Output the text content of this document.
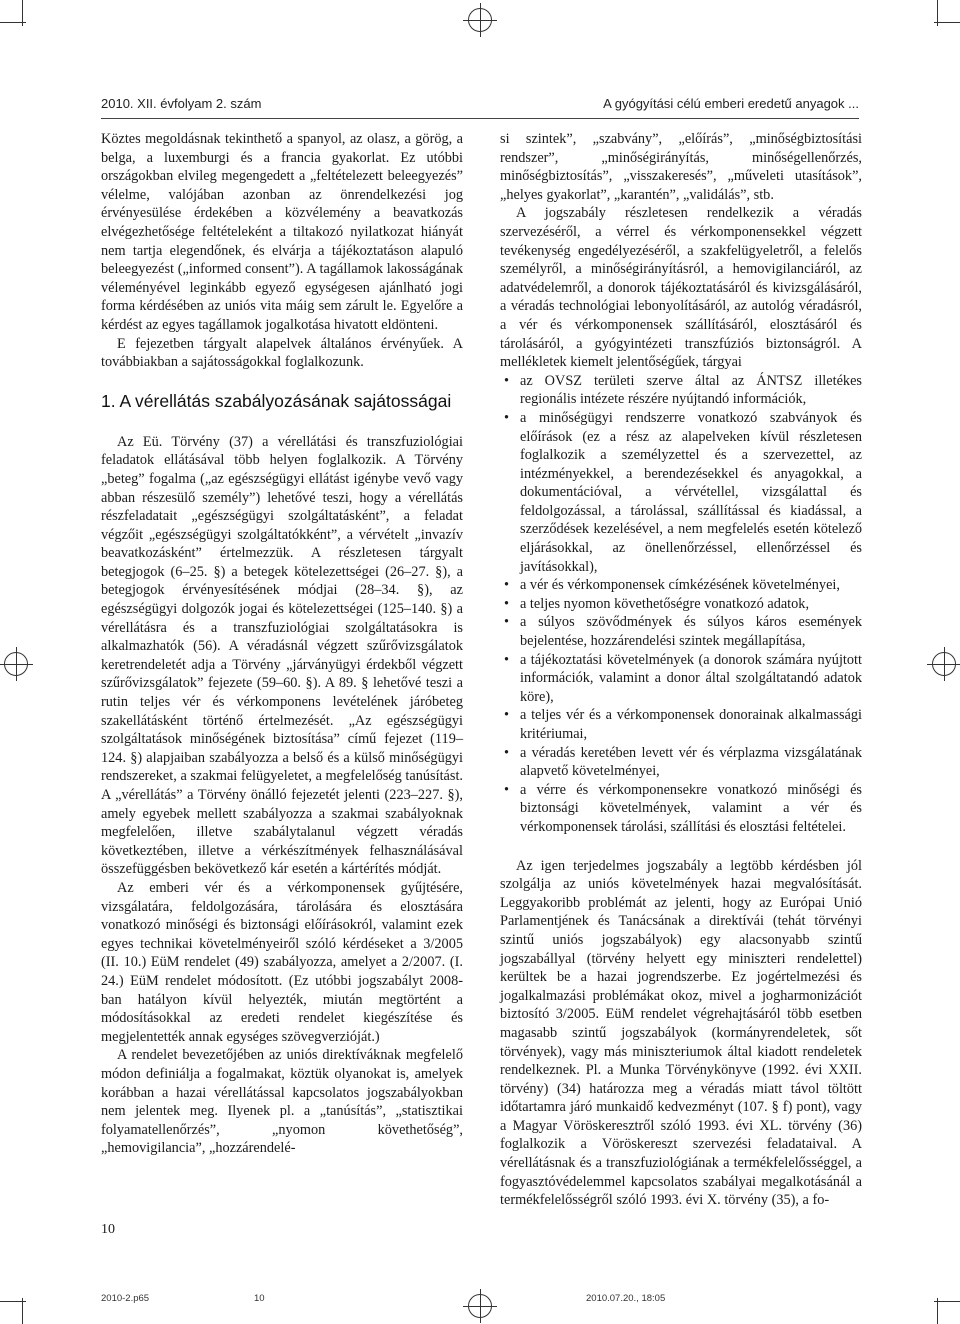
2010. XII. évfolyam 2. szám	A gyógyítási célú emberi eredetű anyagok ...

Köztes megoldásnak tekinthető a spanyol, az olasz, a görög, a belga, a luxemburgi és a francia gyakorlat. Ez utóbbi országokban elvileg megengedett a „feltételezett beleegyezés” vélelme, valójában azonban az önrendelkezési jog érvényesülése érdekében a közvélemény a beavatkozás elvégezhetősége feltételeként a tiltakozó nyilatkozat hiányát nem tartja elegendőnek, és elvárja a tájékoztatáson alapuló beleegyezést („informed consent”). A tagállamok lakosságának véleményével leginkább egyező egységesen ajánlható jogi forma kérdésében az uniós vita máig sem zárult le. Egyelőre a kérdést az egyes tagállamok jogalkotása hivatott eldönteni.

E fejezetben tárgyalt alapelvek általános érvényűek. A továbbiakban a sajátosságokkal foglalkozunk.

1. A vérellátás szabályozásának sajátosságai

Az Eü. Törvény (37) a vérellátási és transzfuziológiai feladatok ellátásával több helyen foglalkozik. A Törvény „beteg” fogalma („az egészségügyi ellátást igénybe vevő vagy abban részesülő személy”) lehetővé teszi, hogy a vérellátás részfeladatait „egészségügyi szolgáltatásként”, a feladat végzőit „egészségügyi szolgáltatókként”, a vérvételt „invazív beavatkozásként” értelmezzük. A részletesen tárgyalt betegjogok (6–25. §) a betegek kötelezettségei (26–27. §), a betegjogok érvényesítésének módjai (28–34. §), az egészségügyi dolgozók jogai és kötelezettségei (125–140. §) a vérellátásra és a transzfuziológiai szolgáltatásokra is alkalmazhatók (56). A véradásnál végzett szűrővizsgálatok keretrendeletét adja a Törvény „járványügyi érdekből végzett szűrővizsgálatok” fejezete (59–60. §). A 89. § lehetővé teszi a rutin teljes vér és vérkomponens levételének járóbeteg szakellátásként történő értelmezését. „Az egészségügyi szolgáltatások minőségének biztosítása” című fejezet (119–124. §) alapjaiban szabályozza a belső és a külső minőségügyi rendszereket, a szakmai felügyeletet, a megfelelőség tanúsítást. A „vérellátás” a Törvény önálló fejezetét jelenti (223–227. §), amely egyebek mellett szabályozza a szakmai szabályoknak megfelelően, illetve szabálytalanul végzett véradás következtében, illetve a vérkészítmények felhasználásával összefüggésben bekövetkező kár esetén a kártérítés módját.

Az emberi vér és a vérkomponensek gyűjtésére, vizsgálatára, feldolgozására, tárolására és elosztására vonatkozó minőségi és biztonsági előírásokról, valamint ezek egyes technikai követelményeiről szóló kérdéseket a 3/2005 (II. 10.) EüM rendelet (49) szabályozza, amelyet a 2/2007. (I. 24.) EüM rendelet módosított. (Ez utóbbi jogszabályt 2008-ban hatályon kívül helyezték, miután megtörtént a módosításokkal az eredeti rendelet kiegészítése és megjelentették annak egységes szövegverzióját.)

A rendelet bevezetőjében az uniós direktíváknak megfelelő módon definiálja a fogalmakat, köztük olyanokat is, amelyek korábban a hazai vérellátással kapcsolatos jogszabályokban nem jelentek meg. Ilyenek pl. a „tanúsítás”, „statisztikai folyamatellenőrzés”, „nyomon követhetőség”, „hemovigilancia”, „hozzárendelé-

si szintek”, „szabvány”, „előírás”, „minőségbiztosítási rendszer”, „minőségirányítás, minőségellenőrzés, minőségbiztosítás”, „visszakeresés”, „műveleti utasítások”, „helyes gyakorlat”, „karantén”, „validálás”, stb.

A jogszabály részletesen rendelkezik a véradás szervezéséről, a vérrel és vérkomponensekkel végzett tevékenység engedélyezéséről, a szakfelügyeletről, a felelős személyről, a minőségirányításról, a hemovigilanciáról, az adatvédelemről, a donorok tájékoztatásáról és kivizsgálásáról, a véradás technológiai lebonyolításáról, az autológ véradásról, a vér és vérkomponensek szállításáról, elosztásáról és tárolásáról, a gyógyintézeti transzfúziós biztonságról. A mellékletek kiemelt jelentőségűek, tárgyai

• az OVSZ területi szerve által az ÁNTSZ illetékes regionális intézete részére nyújtandó információk,
• a minőségügyi rendszerre vonatkozó szabványok és előírások (ez a rész az alapelveken kívül részletesen foglalkozik a személyzettel és a szervezettel, az intézményekkel, a berendezésekkel és anyagokkal, a dokumentációval, a vérvétellel, vizsgálattal és feldolgozással, a tárolással, szállítással és kiadással, a szerződések kezelésével, a nem megfelelés esetén kötelező eljárásokkal, az önellenőrzéssel, ellenőrzéssel és javításokkal),
• a vér és vérkomponensek címkézésének követelményei,
• a teljes nyomon követhetőségre vonatkozó adatok,
• a súlyos szövődmények és súlyos káros események bejelentése, hozzárendelési szintek megállapítása,
• a tájékoztatási követelmények (a donorok számára nyújtott információk, valamint a donor által szolgáltatandó adatok köre),
• a teljes vér és a vérkomponensek donorainak alkalmassági kritériumai,
• a véradás keretében levett vér és vérplazma vizsgálatának alapvető követelményei,
• a vérre és vérkomponensekre vonatkozó minőségi és biztonsági követelmények, valamint a vér és vérkomponensek tárolási, szállítási és elosztási feltételei.

Az igen terjedelmes jogszabály a legtöbb kérdésben jól szolgálja az uniós követelmények hazai megvalósítását. Leggyakoribb problémát az jelenti, hogy az Európai Unió Parlamentjének és Tanácsának a direktívái (tehát törvényi szintű uniós jogszabályok) egy alacsonyabb szintű jogszabállyal (törvény helyett egy miniszteri rendelettel) kerültek be a hazai jogrendszerbe. Ez jogértelmezési és jogalkalmazási problémákat okoz, mivel a jogharmonizációt biztosító 3/2005. EüM rendelet végrehajtásáról több esetben magasabb szintű jogszabályok (kormányrendeletek, sőt törvények), vagy más miniszteriumok által kiadott rendeletek rendelkeznek. Pl. a Munka Törvénykönyve (1992. évi XXII. törvény) (34) határozza meg a véradás miatt távol töltött időtartamra járó munkaidő kedvezményt (107. § f) pont), vagy a Magyar Vöröskeresztről szóló 1993. évi XL. törvény (36) foglalkozik a Vöröskereszt szervezési feladataival. A vérellátásnak és a transzfuziológiának a termékfelelősséggel, a fogyasztóvédelemmel kapcsolatos szabályai megalkotásánál a termékfelelősségről szóló 1993. évi X. törvény (35), a fo-

10
2010-2.p65	10	2010.07.20., 18:05
